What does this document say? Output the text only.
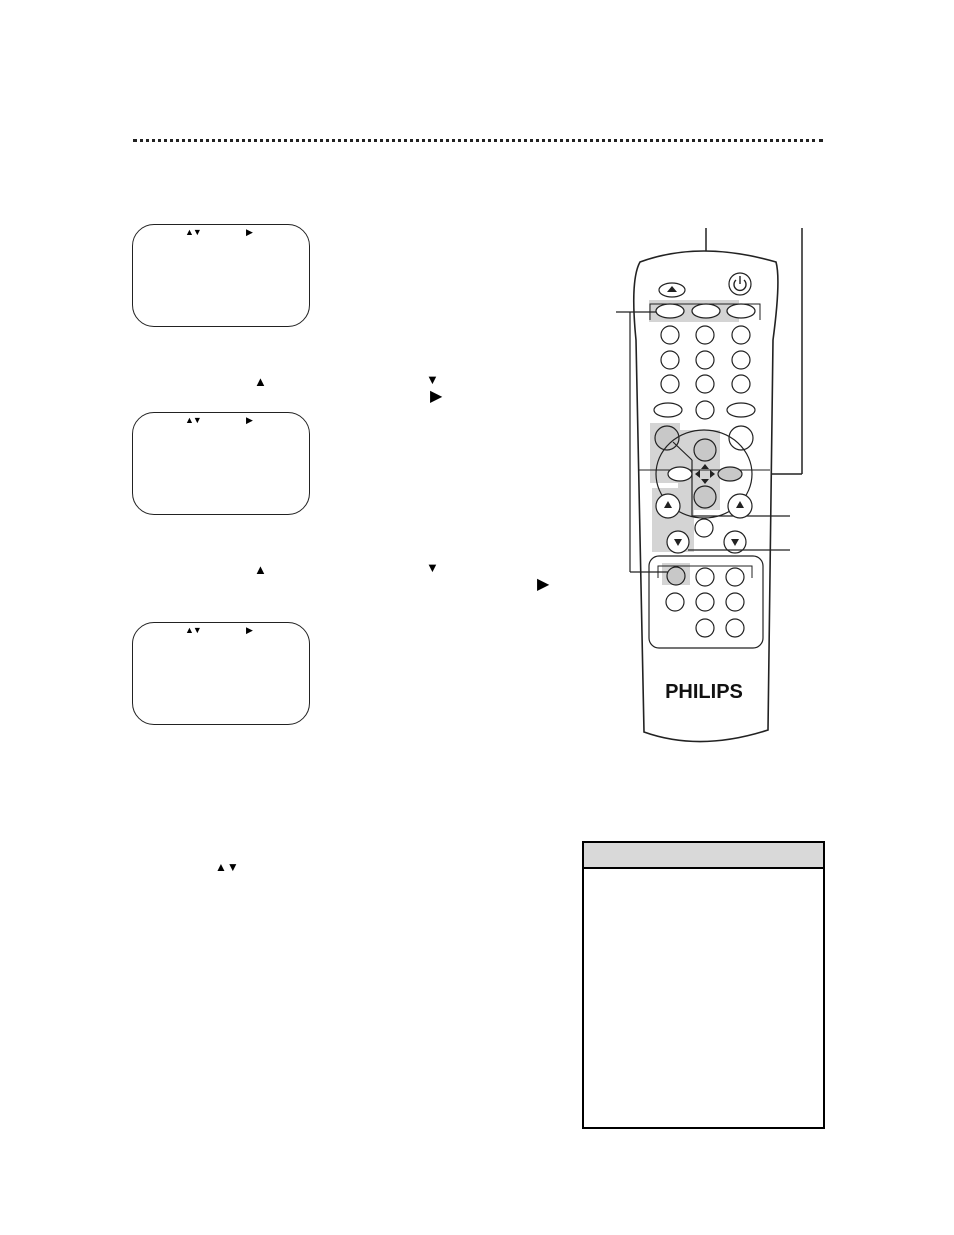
▲▼	▶
▲▼	▶
▲▼	▶
▲	▼
▶
▲	▼
▶
▲▼
PHILIPS
